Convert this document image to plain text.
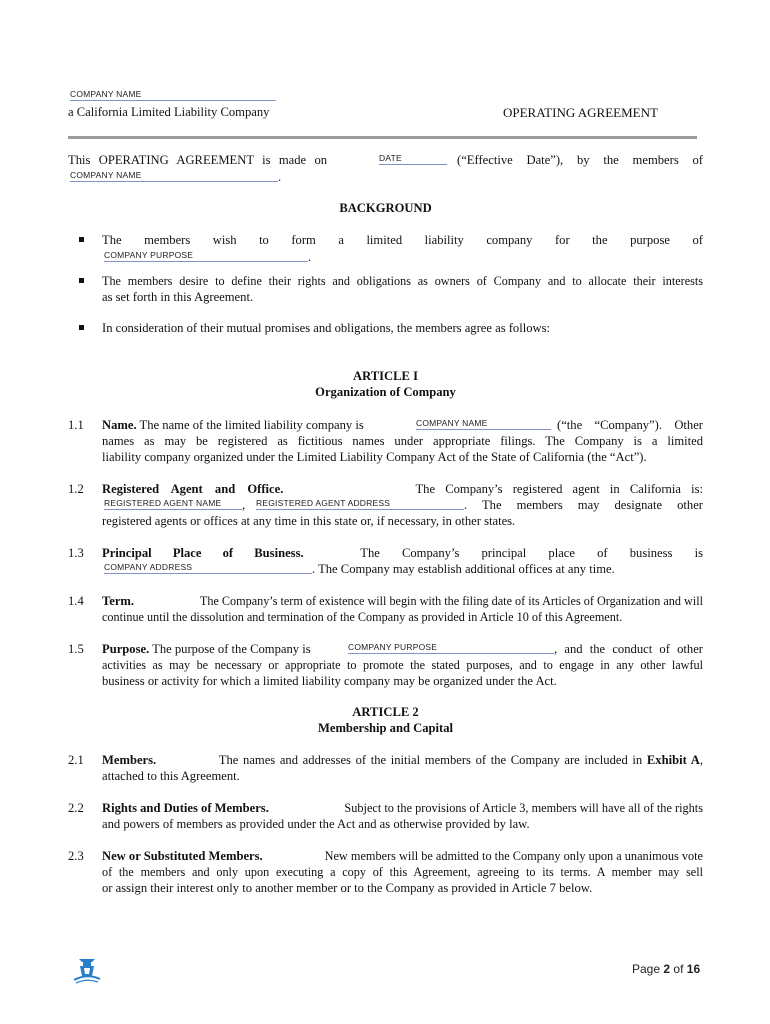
COMPANY NAME
a California Limited Liability Company	OPERATING AGREEMENT
This OPERATING AGREEMENT is made on	DATE	(“Effective Date”), by the members of
COMPANY NAME	.
BACKGROUND
The members wish to form a limited liability company for the purpose of
COMPANY PURPOSE	.
The members desire to define their rights and obligations as owners of Company and to allocate their interests
as set forth in this Agreement.
In consideration of their mutual promises and obligations, the members agree as follows:
ARTICLE I
Organization of Company
1.1 Name. The name of the limited liability company is	COMPANY NAME	(“the “Company”). Other
names as may be registered as fictitious names under appropriate filings. The Company is a limited
liability company organized under the Limited Liability Company Act of the State of California (the “Act”).
1.2 Registered Agent and Office.	The Company’s registered agent in California is:
REGISTERED AGENT NAME	, REGISTERED AGENT ADDRESS	. The members may designate other
registered agents or offices at any time in this state or, if necessary, in other states.
1.3 Principal Place of Business.	The Company’s principal place of business is
COMPANY ADDRESS	. The Company may establish additional offices at any time.
1.4 Term.	The Company’s term of existence will begin with the filing date of its Articles of Organization and will
continue until the dissolution and termination of the Company as provided in Article 10 of this Agreement.
1.5 Purpose. The purpose of the Company is	COMPANY PURPOSE	, and the conduct of other
activities as may be necessary or appropriate to promote the stated purposes, and to engage in any other lawful
business or activity for which a limited liability company may be organized under the Act.
ARTICLE 2
Membership and Capital
2.1 Members.	The names and addresses of the initial members of the Company are included in Exhibit A,
attached to this Agreement.
2.2 Rights and Duties of Members.	Subject to the provisions of Article 3, members will have all of the rights
and powers of members as provided under the Act and as otherwise provided by law.
2.3 New or Substituted Members.	New members will be admitted to the Company only upon a unanimous vote
of the members and only upon executing a copy of this Agreement, agreeing to its terms. A member may sell
or assign their interest only to another member or to the Company as provided in Article 7 below.
Page 2 of 16
